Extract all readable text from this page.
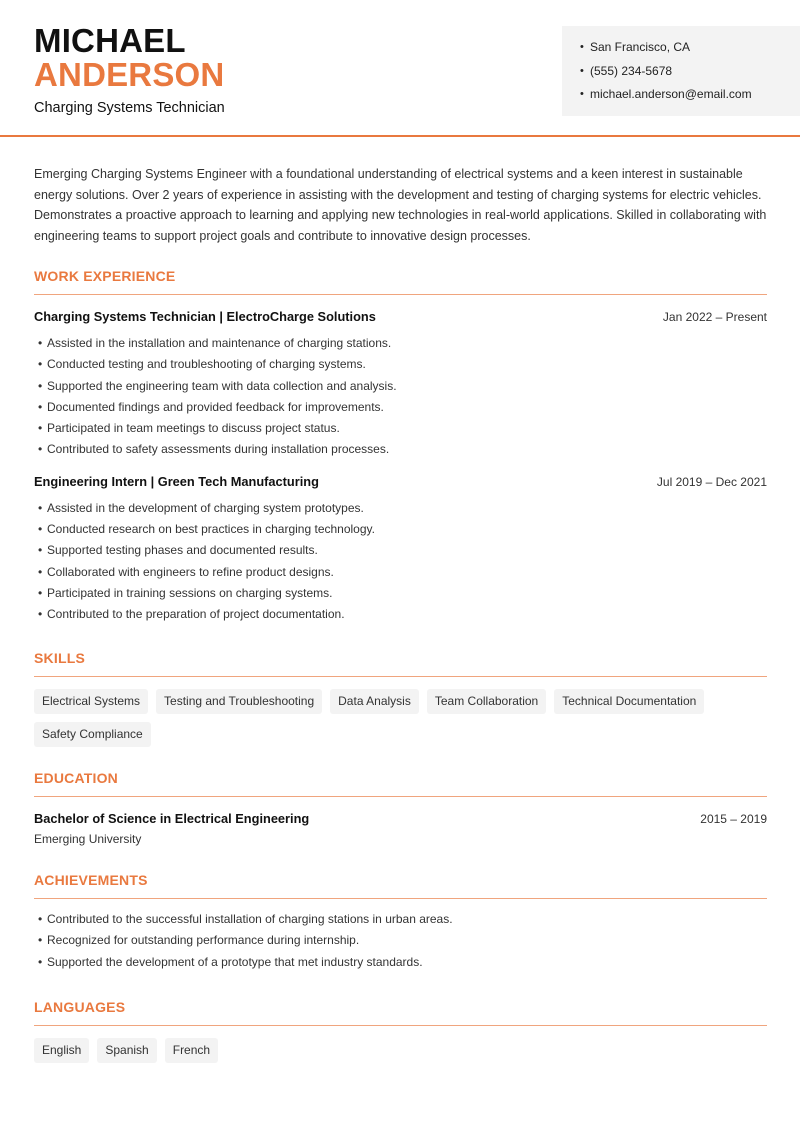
MICHAEL
ANDERSON
Charging Systems Technician
• San Francisco, CA
• (555) 234-5678
• michael.anderson@email.com

Emerging Charging Systems Engineer with a foundational understanding of electrical systems and a keen interest in sustainable energy solutions. Over 2 years of experience in assisting with the development and testing of charging systems for electric vehicles. Demonstrates a proactive approach to learning and applying new technologies in real-world applications. Skilled in collaborating with engineering teams to support project goals and contribute to innovative design processes.

WORK EXPERIENCE
Charging Systems Technician | ElectroCharge Solutions	Jan 2022 – Present
• Assisted in the installation and maintenance of charging stations.
• Conducted testing and troubleshooting of charging systems.
• Supported the engineering team with data collection and analysis.
• Documented findings and provided feedback for improvements.
• Participated in team meetings to discuss project status.
• Contributed to safety assessments during installation processes.
Engineering Intern | Green Tech Manufacturing	Jul 2019 – Dec 2021
• Assisted in the development of charging system prototypes.
• Conducted research on best practices in charging technology.
• Supported testing phases and documented results.
• Collaborated with engineers to refine product designs.
• Participated in training sessions on charging systems.
• Contributed to the preparation of project documentation.
SKILLS
Electrical Systems	Testing and Troubleshooting	Data Analysis	Team Collaboration	Technical Documentation
Safety Compliance
EDUCATION
Bachelor of Science in Electrical Engineering	2015 – 2019
Emerging University
ACHIEVEMENTS
• Contributed to the successful installation of charging stations in urban areas.
• Recognized for outstanding performance during internship.
• Supported the development of a prototype that met industry standards.
LANGUAGES
English	Spanish	French
